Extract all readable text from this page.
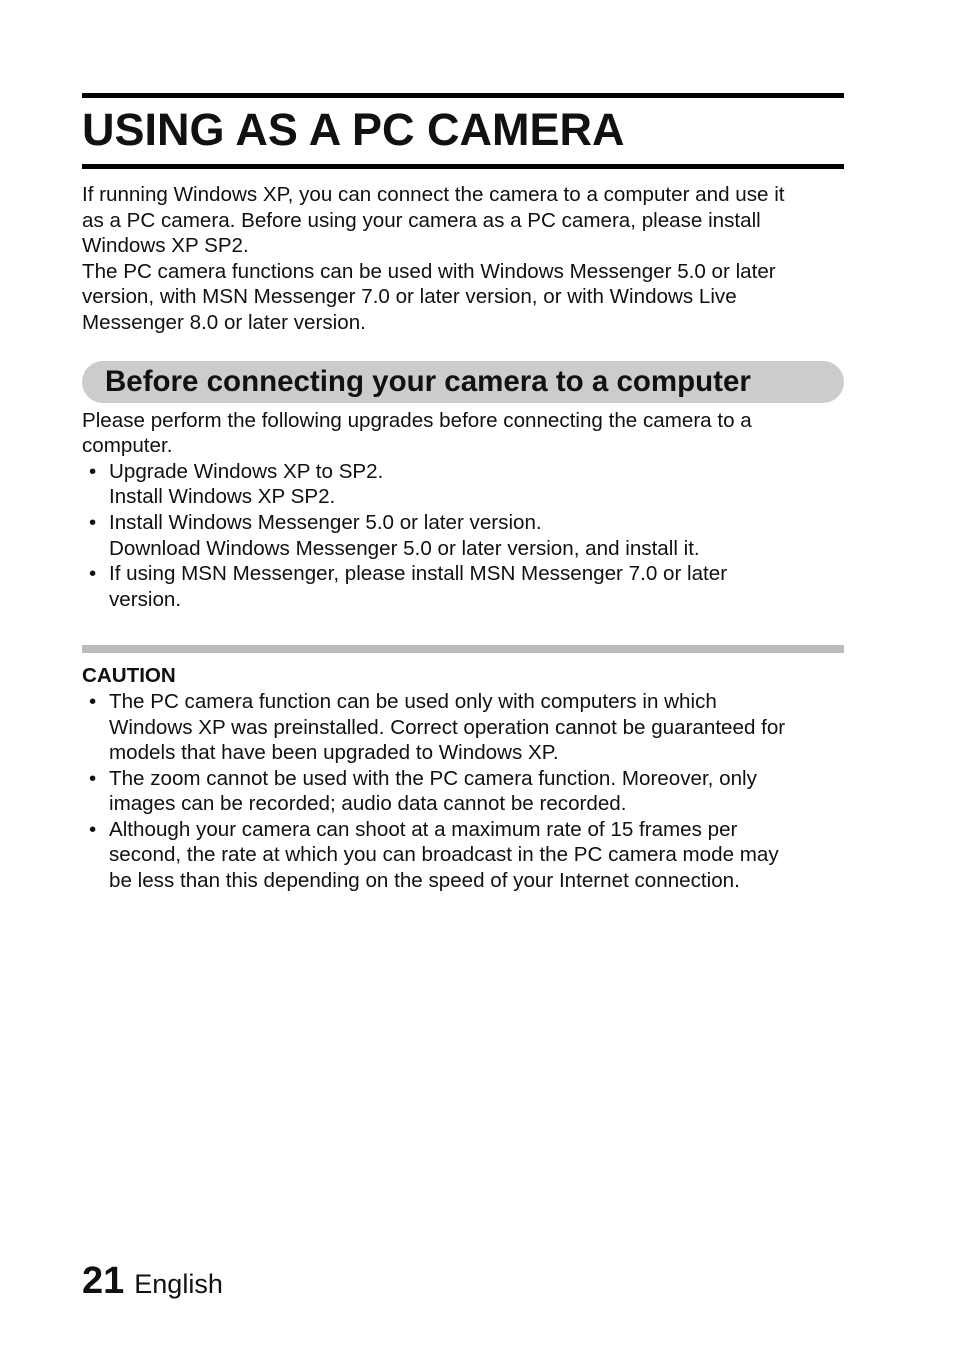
USING AS A PC CAMERA

If running Windows XP, you can connect the camera to a computer and use it
as a PC camera. Before using your camera as a PC camera, please install
Windows XP SP2.

The PC camera functions can be used with Windows Messenger 5.0 or later
version, with MSN Messenger 7.0 or later version, or with Windows Live
Messenger 8.0 or later version.

Before connecting your camera to a computer

Please perform the following upgrades before connecting the camera to a
computer.

• Upgrade Windows XP to SP2.
Install Windows XP SP2.
• Install Windows Messenger 5.0 or later version.
Download Windows Messenger 5.0 or later version, and install it.
• If using MSN Messenger, please install MSN Messenger 7.0 or later
version.
CAUTION
• The PC camera function can be used only with computers in which
Windows XP was preinstalled. Correct operation cannot be guaranteed for
models that have been upgraded to Windows XP.
• The zoom cannot be used with the PC camera function. Moreover, only
images can be recorded; audio data cannot be recorded.
• Although your camera can shoot at a maximum rate of 15 frames per
second, the rate at which you can broadcast in the PC camera mode may
be less than this depending on the speed of your Internet connection.
21 English
